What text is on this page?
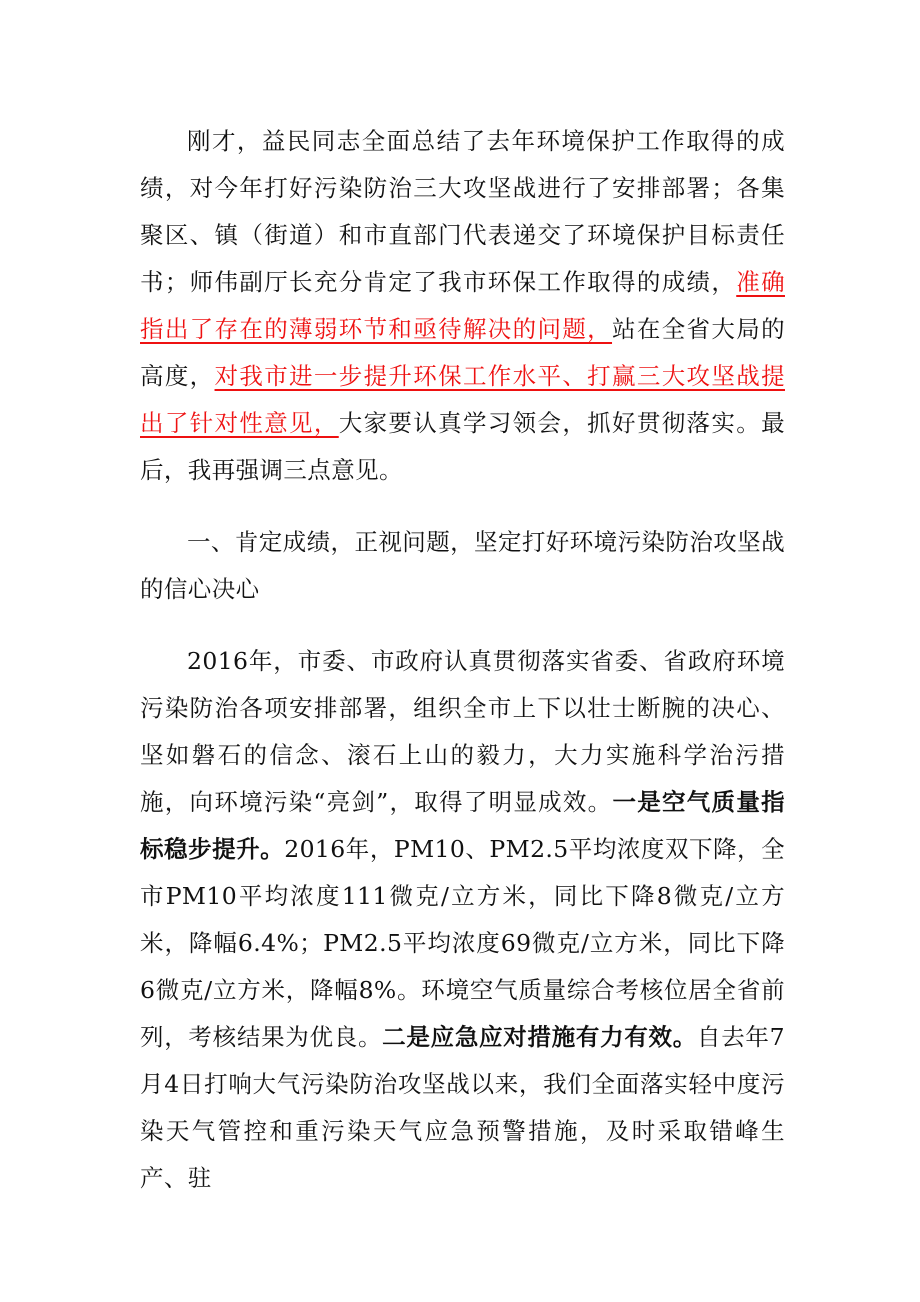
刚才，益民同志全面总结了去年环境保护工作取得的成绩，对今年打好污染防治三大攻坚战进行了安排部署；各集聚区、镇（街道）和市直部门代表递交了环境保护目标责任书；师伟副厅长充分肯定了我市环保工作取得的成绩，准确指出了存在的薄弱环节和亟待解决的问题，站在全省大局的高度，对我市进一步提升环保工作水平、打赢三大攻坚战提出了针对性意见，大家要认真学习领会，抓好贯彻落实。最后，我再强调三点意见。

一、肯定成绩，正视问题，坚定打好环境污染防治攻坚战的信心决心

2016年，市委、市政府认真贯彻落实省委、省政府环境污染防治各项安排部署，组织全市上下以壮士断腕的决心、坚如磐石的信念、滚石上山的毅力，大力实施科学治污措施，向环境污染“亮剑”，取得了明显成效。一是空气质量指标稳步提升。2016年，PM10、PM2.5平均浓度双下降，全市PM10平均浓度111微克/立方米，同比下降8微克/立方米，降幅6.4%；PM2.5平均浓度69微克/立方米，同比下降6微克/立方米，降幅8%。环境空气质量综合考核位居全省前列，考核结果为优良。二是应急应对措施有力有效。自去年7月4日打响大气污染防治攻坚战以来，我们全面落实轻中度污染天气管控和重污染天气应急预警措施，及时采取错峰生产、驻
